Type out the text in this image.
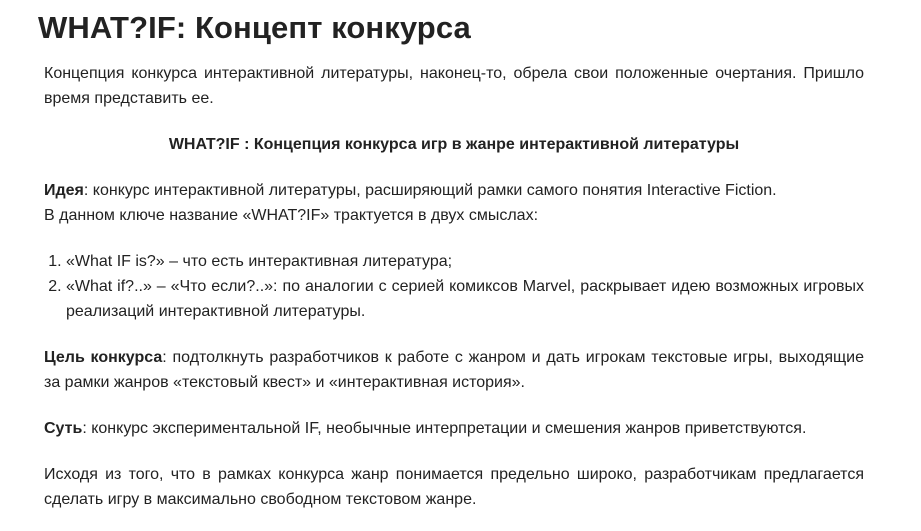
WHAT?IF: Концепт конкурса

Концепция конкурса интерактивной литературы, наконец-то, обрела свои положенные очертания. Пришло время представить ее.

WHAT?IF : Концепция конкурса игр в жанре интерактивной литературы

Идея: конкурс интерактивной литературы, расширяющий рамки самого понятия Interactive Fiction.
В данном ключе название «WHAT?IF» трактуется в двух смыслах:

1. «What IF is?» – что есть интерактивная литература;
2. «What if?..» – «Что если?..»: по аналогии с серией комиксов Marvel, раскрывает идею возможных игровых реализаций интерактивной литературы.

Цель конкурса: подтолкнуть разработчиков к работе с жанром и дать игрокам текстовые игры, выходящие за рамки жанров «текстовый квест» и «интерактивная история».

Суть: конкурс экспериментальной IF, необычные интерпретации и смешения жанров приветствуются.

Исходя из того, что в рамках конкурса жанр понимается предельно широко, разработчикам предлагается сделать игру в максимально свободном текстовом жанре.
